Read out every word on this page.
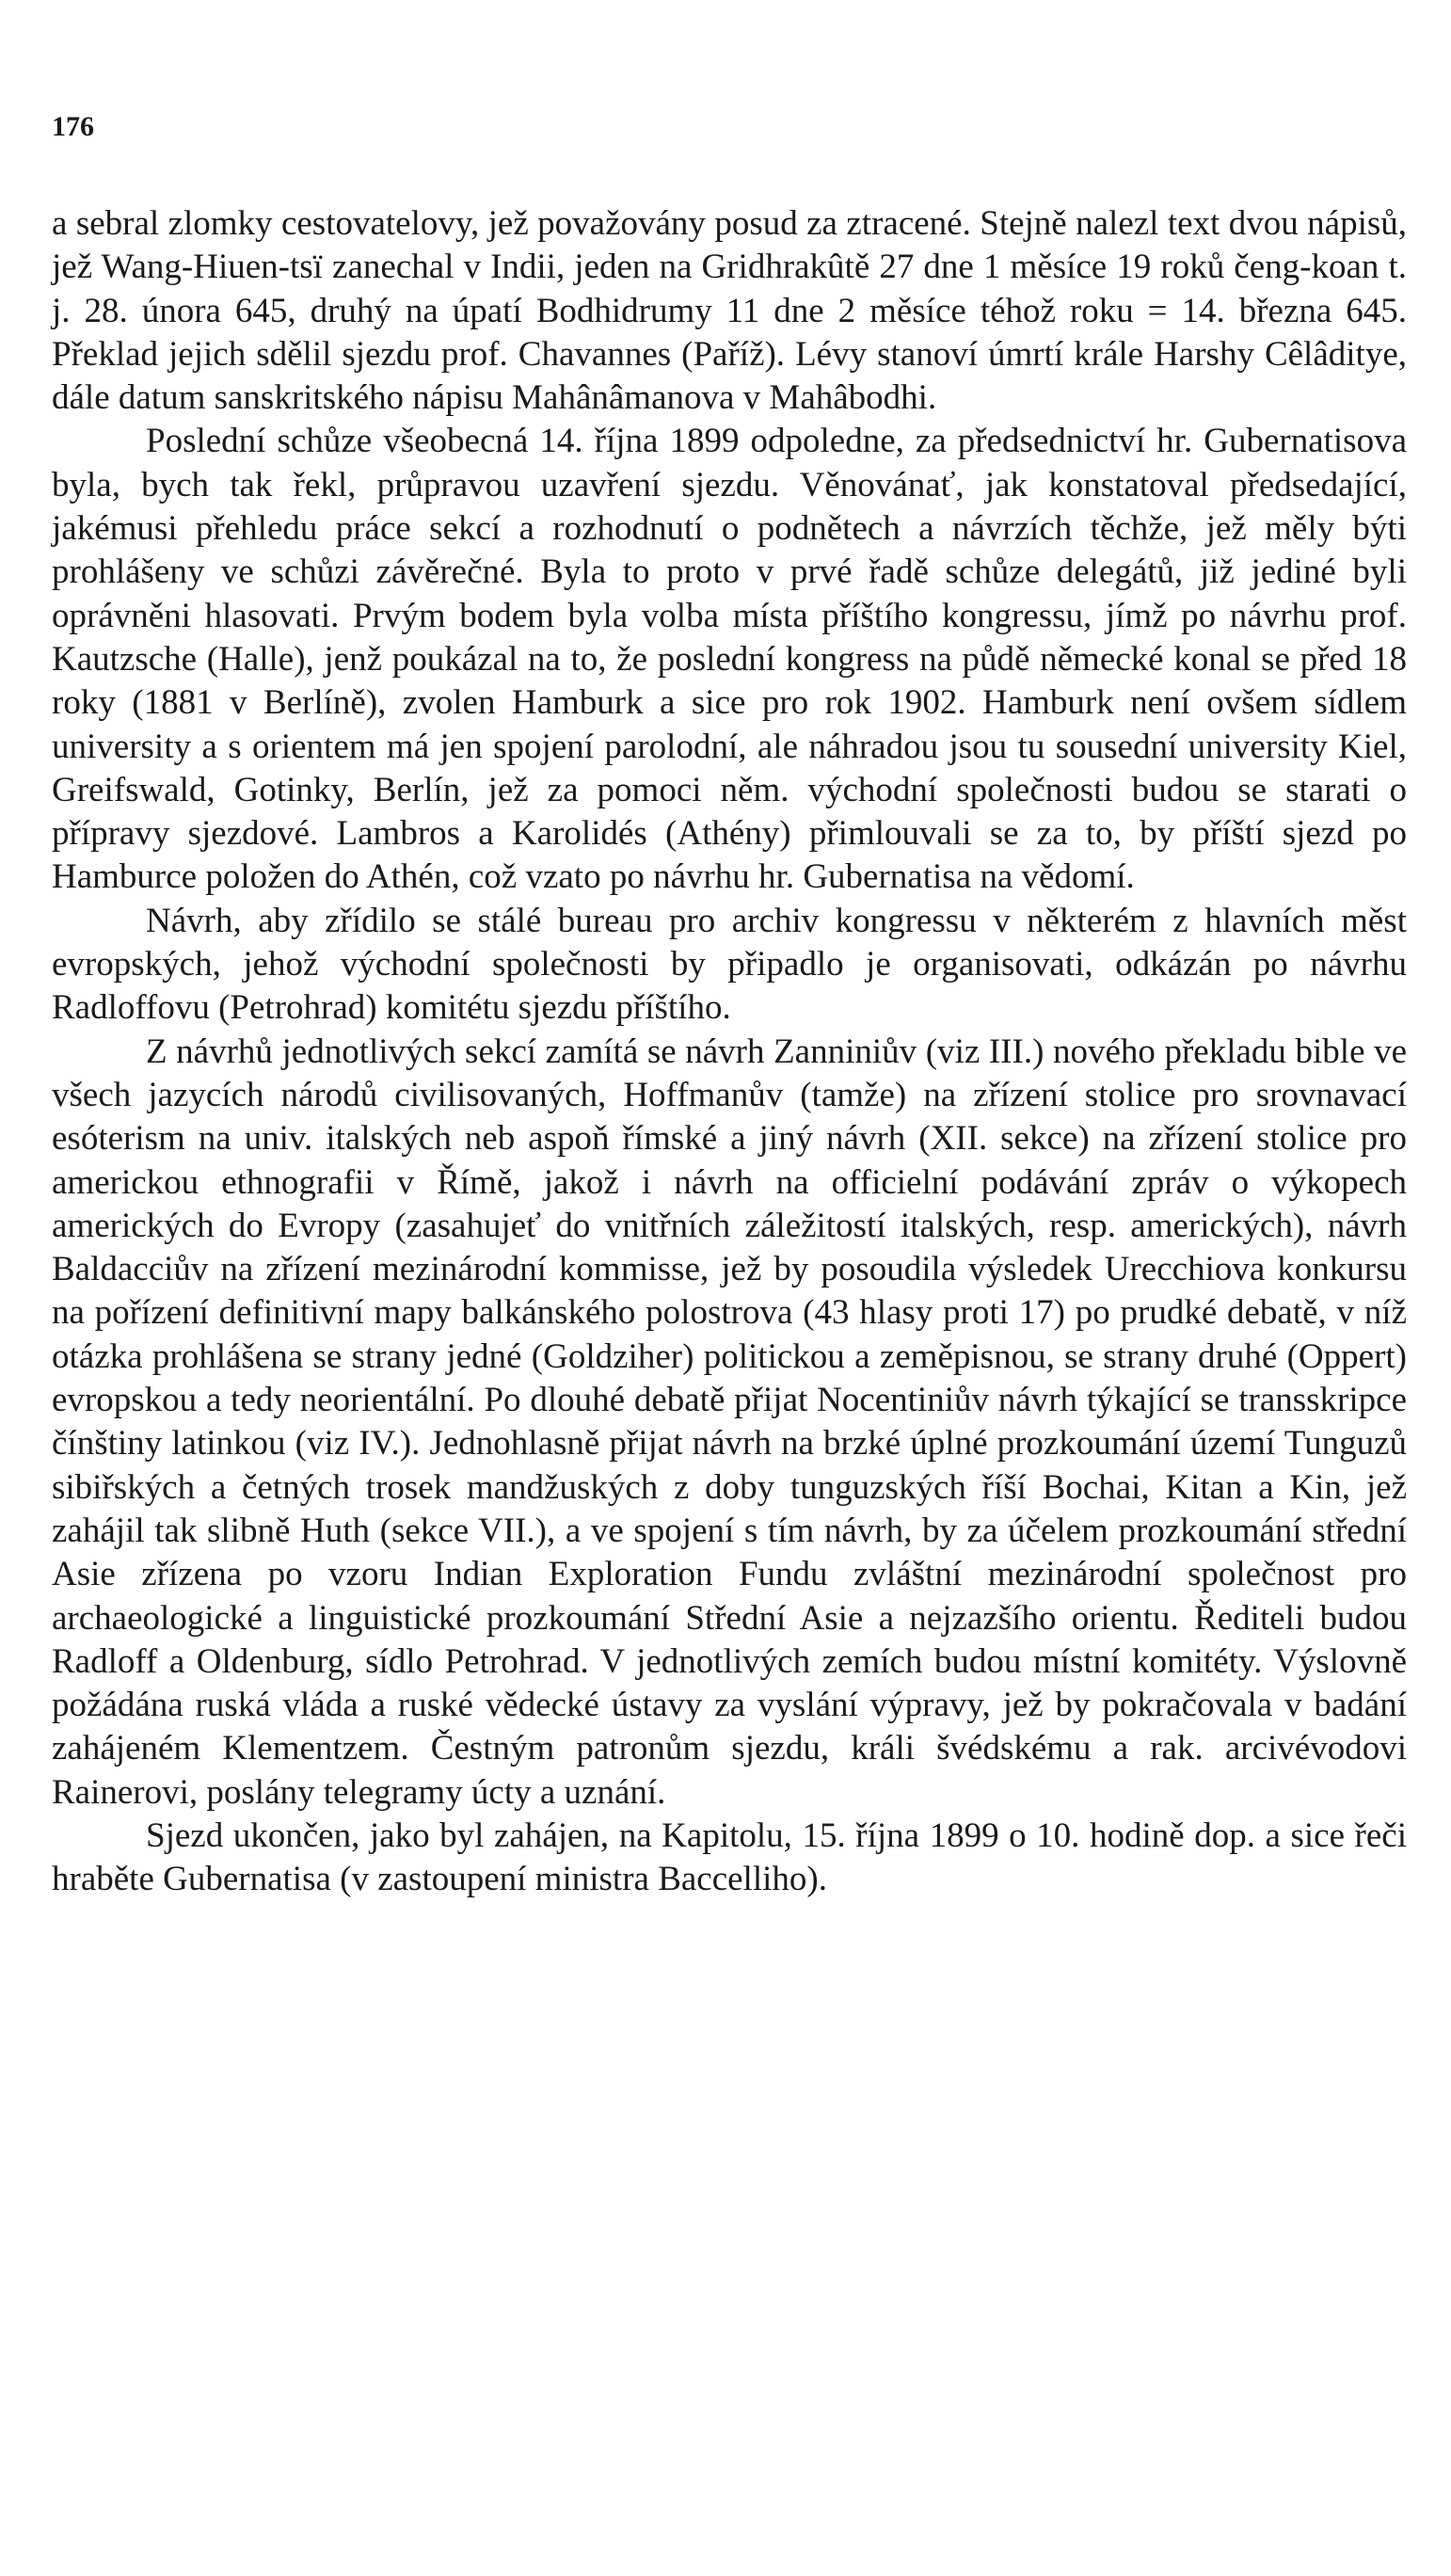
176

a sebral zlomky cestovatelovy, jež považovány posud za ztracené. Stejně nalezl text dvou nápisů, jež Wang-Hiuen-tsï zanechal v Indii, jeden na Gridhrakûtě 27 dne 1 měsíce 19 roků čeng-koan t. j. 28. února 645, druhý na úpatí Bodhidrumy 11 dne 2 měsíce téhož roku = 14. března 645. Překlad jejich sdělil sjezdu prof. Chavannes (Paříž). Lévy stanoví úmrtí krále Harshy Cêlâditye, dále datum sanskritského nápisu Mahânâmanova v Mahâbodhi.

Poslední schůze všeobecná 14. října 1899 odpoledne, za předsednictví hr. Gubernatisova byla, bych tak řekl, průpravou uzavření sjezdu. Věnovánať, jak konstatoval předsedající, jakémusi přehledu práce sekcí a rozhodnutí o podnětech a návrzích těchže, jež měly býti prohlášeny ve schůzi závěrečné. Byla to proto v prvé řadě schůze delegátů, již jediné byli oprávněni hlasovati. Prvým bodem byla volba místa příštího kongressu, jímž po návrhu prof. Kautzsche (Halle), jenž poukázal na to, že poslední kongress na půdě německé konal se před 18 roky (1881 v Berlíně), zvolen Hamburk a sice pro rok 1902. Hamburk není ovšem sídlem university a s orientem má jen spojení parolodní, ale náhradou jsou tu sousední university Kiel, Greifswald, Gotinky, Berlín, jež za pomoci něm. východní společnosti budou se starati o přípravy sjezdové. Lambros a Karolidés (Athény) přimlouvali se za to, by příští sjezd po Hamburce položen do Athén, což vzato po návrhu hr. Gubernatisa na vědomí.

Návrh, aby zřídilo se stálé bureau pro archiv kongressu v některém z hlavních měst evropských, jehož východní společnosti by připadlo je organisovati, odkázán po návrhu Radloffovu (Petrohrad) komitétu sjezdu příštího.

Z návrhů jednotlivých sekcí zamítá se návrh Zanniniův (viz III.) nového překladu bible ve všech jazycích národů civilisovaných, Hoffmanův (tamže) na zřízení stolice pro srovnavací esóterism na univ. italských neb aspoň římské a jiný návrh (XII. sekce) na zřízení stolice pro americkou ethnografii v Římě, jakož i návrh na officielní podávání zpráv o výkopech amerických do Evropy (zasahujeť do vnitřních záležitostí italských, resp. amerických), návrh Baldacciův na zřízení mezinárodní kommisse, jež by posoudila výsledek Urecchiova konkursu na pořízení definitivní mapy balkánského polostrova (43 hlasy proti 17) po prudké debatě, v níž otázka prohlášena se strany jedné (Goldziher) politickou a zeměpisnou, se strany druhé (Oppert) evropskou a tedy neorientální. Po dlouhé debatě přijat Nocentiniův návrh týkající se transskripce čínštiny latinkou (viz IV.). Jednohlasně přijat návrh na brzké úplné prozkoumání území Tunguzů sibiřských a četných trosek mandžuských z doby tunguzských říší Bochai, Kitan a Kin, jež zahájil tak slibně Huth (sekce VII.), a ve spojení s tím návrh, by za účelem prozkoumání střední Asie zřízena po vzoru Indian Exploration Fundu zvláštní mezinárodní společnost pro archaeologické a linguistické prozkoumání Střední Asie a nejzazšího orientu. Řediteli budou Radloff a Oldenburg, sídlo Petrohrad. V jednotlivých zemích budou místní komitéty. Výslovně požádána ruská vláda a ruské vědecké ústavy za vyslání výpravy, jež by pokračovala v badání zahájeném Klementzem. Čestným patronům sjezdu, králi švédskému a rak. arcivévodovi Rainerovi, poslány telegramy úcty a uznání.

Sjezd ukončen, jako byl zahájen, na Kapitolu, 15. října 1899 o 10. hodině dop. a sice řeči hraběte Gubernatisa (v zastoupení ministra Baccelliho).
